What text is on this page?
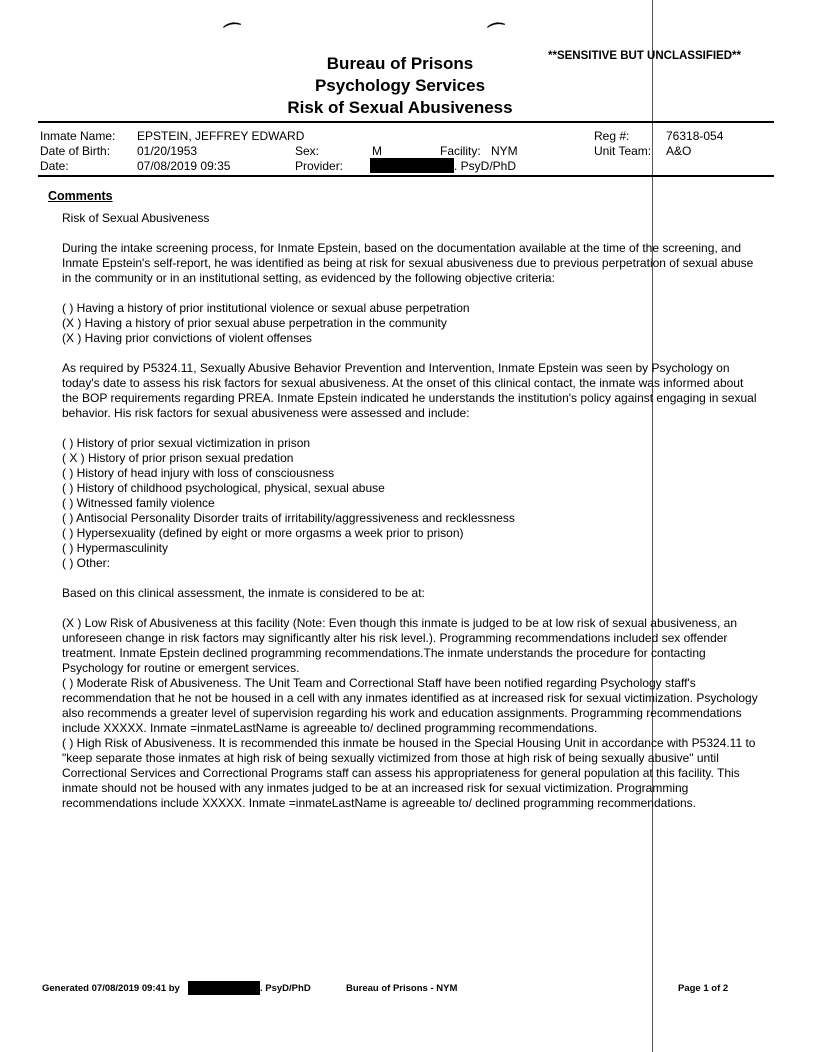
⌒	⌒
Bureau of Prisons
Psychology Services
Risk of Sexual Abusiveness
**SENSITIVE BUT UNCLASSIFIED**
Inmate Name: EPSTEIN, JEFFREY EDWARD
Date of Birth: 01/20/1953
Date:	07/08/2019 09:35
Sex:	M
Provider:	. PsyD/PhD
Facility: NYM
Reg #:	76318-054
Unit Team: A&O
Comments

Risk of Sexual Abusiveness

During the intake screening process, for Inmate Epstein, based on the documentation available at the time of the screening, and Inmate Epstein's self-report, he was identified as being at risk for sexual abusiveness due to previous perpetration of sexual abuse in the community or in an institutional setting, as evidenced by the following objective criteria:

( ) Having a history of prior institutional violence or sexual abuse perpetration

(X ) Having a history of prior sexual abuse perpetration in the community

(X ) Having prior convictions of violent offenses

As required by P5324.11, Sexually Abusive Behavior Prevention and Intervention, Inmate Epstein was seen by Psychology on today's date to assess his risk factors for sexual abusiveness. At the onset of this clinical contact, the inmate was informed about the BOP requirements regarding PREA. Inmate Epstein indicated he understands the institution's policy against engaging in sexual behavior. His risk factors for sexual abusiveness were assessed and include:

( ) History of prior sexual victimization in prison

( X ) History of prior prison sexual predation

( ) History of head injury with loss of consciousness

( ) History of childhood psychological, physical, sexual abuse

( ) Witnessed family violence

( ) Antisocial Personality Disorder traits of irritability/aggressiveness and recklessness

( ) Hypersexuality (defined by eight or more orgasms a week prior to prison)

( ) Hypermasculinity

( ) Other:

Based on this clinical assessment, the inmate is considered to be at:

(X ) Low Risk of Abusiveness at this facility (Note: Even though this inmate is judged to be at low risk of sexual abusiveness, an unforeseen change in risk factors may significantly alter his risk level.). Programming recommendations included sex offender treatment. Inmate Epstein declined programming recommendations.The inmate understands the procedure for contacting Psychology for routine or emergent services.

( ) Moderate Risk of Abusiveness. The Unit Team and Correctional Staff have been notified regarding Psychology staff's recommendation that he not be housed in a cell with any inmates identified as at increased risk for sexual victimization. Psychology also recommends a greater level of supervision regarding his work and education assignments. Programming recommendations include XXXXX. Inmate =inmateLastName is agreeable to/ declined programming recommendations.

( ) High Risk of Abusiveness. It is recommended this inmate be housed in the Special Housing Unit in accordance with P5324.11 to "keep separate those inmates at high risk of being sexually victimized from those at high risk of being sexually abusive" until Correctional Services and Correctional Programs staff can assess his appropriateness for general population at this facility. This inmate should not be housed with any inmates judged to be at an increased risk for sexual victimization. Programming recommendations include XXXXX. Inmate =inmateLastName is agreeable to/ declined programming recommendations.

Generated 07/08/2019 09:41 by	. PsyD/PhD	Bureau of Prisons - NYM	Page 1 of 2
